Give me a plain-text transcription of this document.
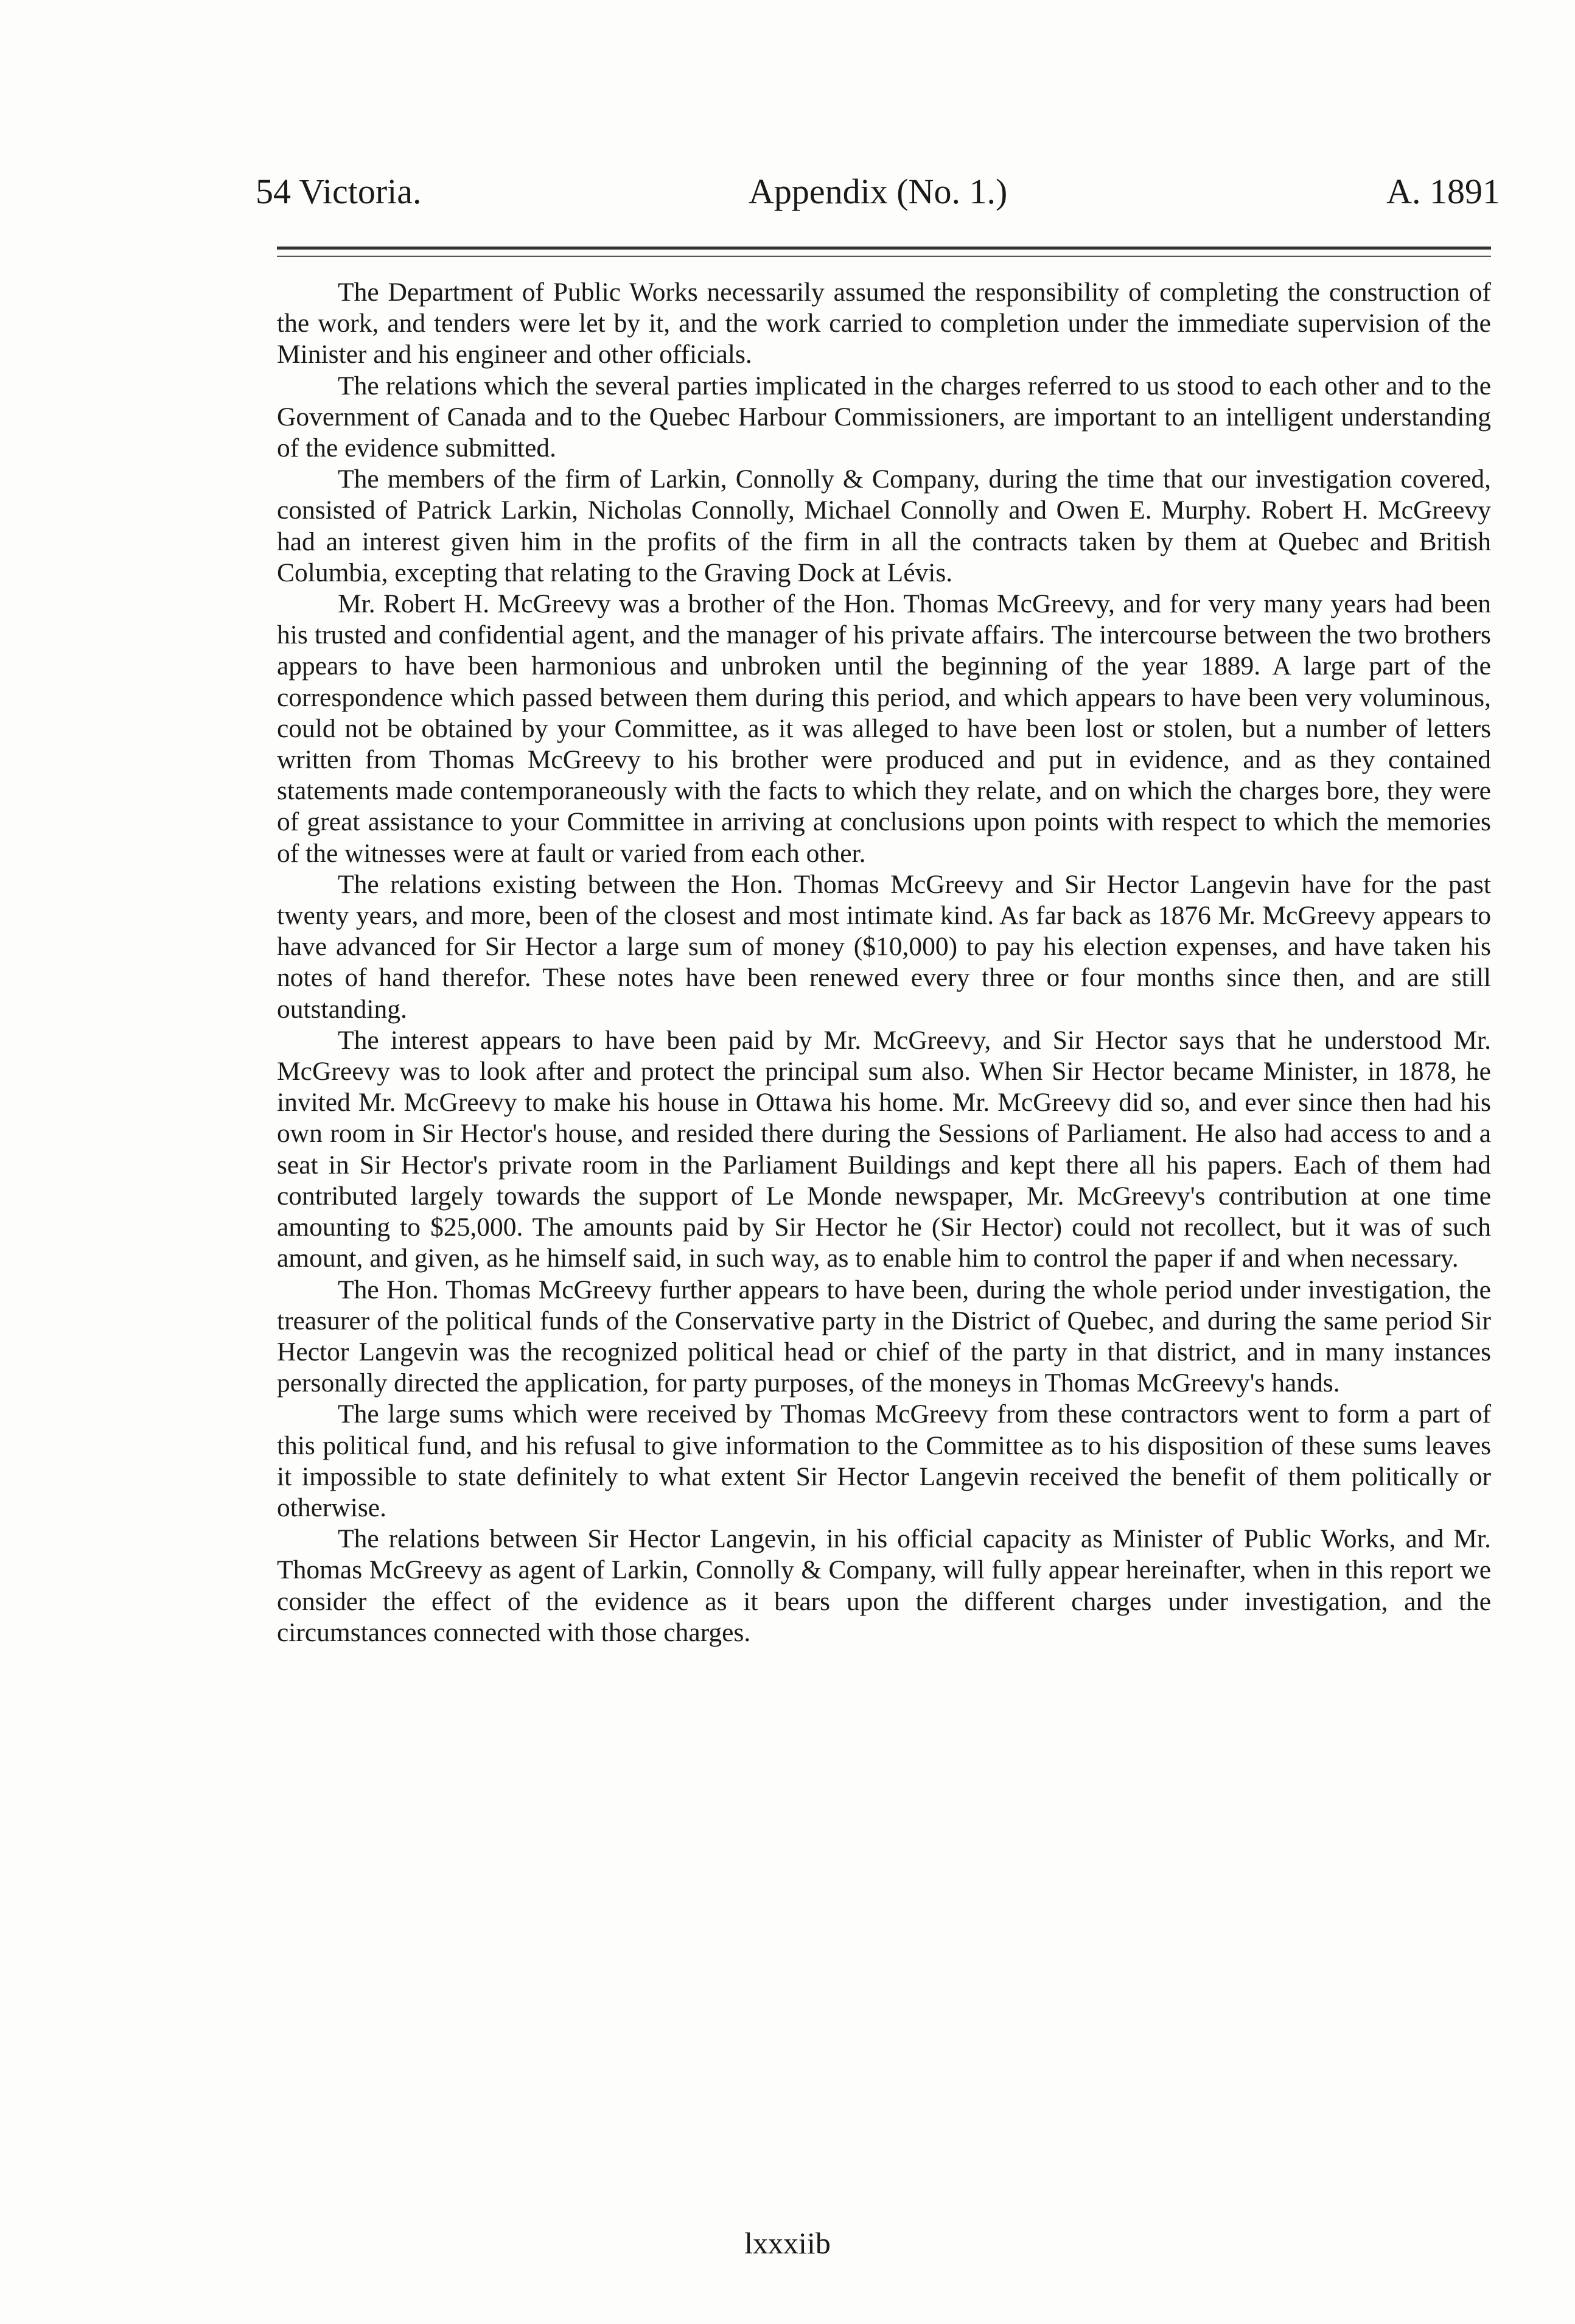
54 Victoria.	Appendix (No. 1.)	A. 1891

The Department of Public Works necessarily assumed the responsibility of completing the construction of the work, and tenders were let by it, and the work carried to completion under the immediate supervision of the Minister and his engineer and other officials.

The relations which the several parties implicated in the charges referred to us stood to each other and to the Government of Canada and to the Quebec Harbour Commissioners, are important to an intelligent understanding of the evidence submitted.

The members of the firm of Larkin, Connolly & Company, during the time that our investigation covered, consisted of Patrick Larkin, Nicholas Connolly, Michael Connolly and Owen E. Murphy. Robert H. McGreevy had an interest given him in the profits of the firm in all the contracts taken by them at Quebec and British Columbia, excepting that relating to the Graving Dock at Lévis.

Mr. Robert H. McGreevy was a brother of the Hon. Thomas McGreevy, and for very many years had been his trusted and confidential agent, and the manager of his private affairs. The intercourse between the two brothers appears to have been harmonious and unbroken until the beginning of the year 1889. A large part of the correspondence which passed between them during this period, and which appears to have been very voluminous, could not be obtained by your Committee, as it was alleged to have been lost or stolen, but a number of letters written from Thomas McGreevy to his brother were produced and put in evidence, and as they contained statements made contemporaneously with the facts to which they relate, and on which the charges bore, they were of great assistance to your Committee in arriving at conclusions upon points with respect to which the memories of the witnesses were at fault or varied from each other.

The relations existing between the Hon. Thomas McGreevy and Sir Hector Langevin have for the past twenty years, and more, been of the closest and most intimate kind. As far back as 1876 Mr. McGreevy appears to have advanced for Sir Hector a large sum of money ($10,000) to pay his election expenses, and have taken his notes of hand therefor. These notes have been renewed every three or four months since then, and are still outstanding.

The interest appears to have been paid by Mr. McGreevy, and Sir Hector says that he understood Mr. McGreevy was to look after and protect the principal sum also. When Sir Hector became Minister, in 1878, he invited Mr. McGreevy to make his house in Ottawa his home. Mr. McGreevy did so, and ever since then had his own room in Sir Hector's house, and resided there during the Sessions of Parliament. He also had access to and a seat in Sir Hector's private room in the Parliament Buildings and kept there all his papers. Each of them had contributed largely towards the support of Le Monde newspaper, Mr. McGreevy's contribution at one time amounting to $25,000. The amounts paid by Sir Hector he (Sir Hector) could not recollect, but it was of such amount, and given, as he himself said, in such way, as to enable him to control the paper if and when necessary.

The Hon. Thomas McGreevy further appears to have been, during the whole period under investigation, the treasurer of the political funds of the Conservative party in the District of Quebec, and during the same period Sir Hector Langevin was the recognized political head or chief of the party in that district, and in many instances personally directed the application, for party purposes, of the moneys in Thomas McGreevy's hands.

The large sums which were received by Thomas McGreevy from these contractors went to form a part of this political fund, and his refusal to give information to the Committee as to his disposition of these sums leaves it impossible to state definitely to what extent Sir Hector Langevin received the benefit of them politically or otherwise.

The relations between Sir Hector Langevin, in his official capacity as Minister of Public Works, and Mr. Thomas McGreevy as agent of Larkin, Connolly & Company, will fully appear hereinafter, when in this report we consider the effect of the evidence as it bears upon the different charges under investigation, and the circumstances connected with those charges.

lxxxiib
